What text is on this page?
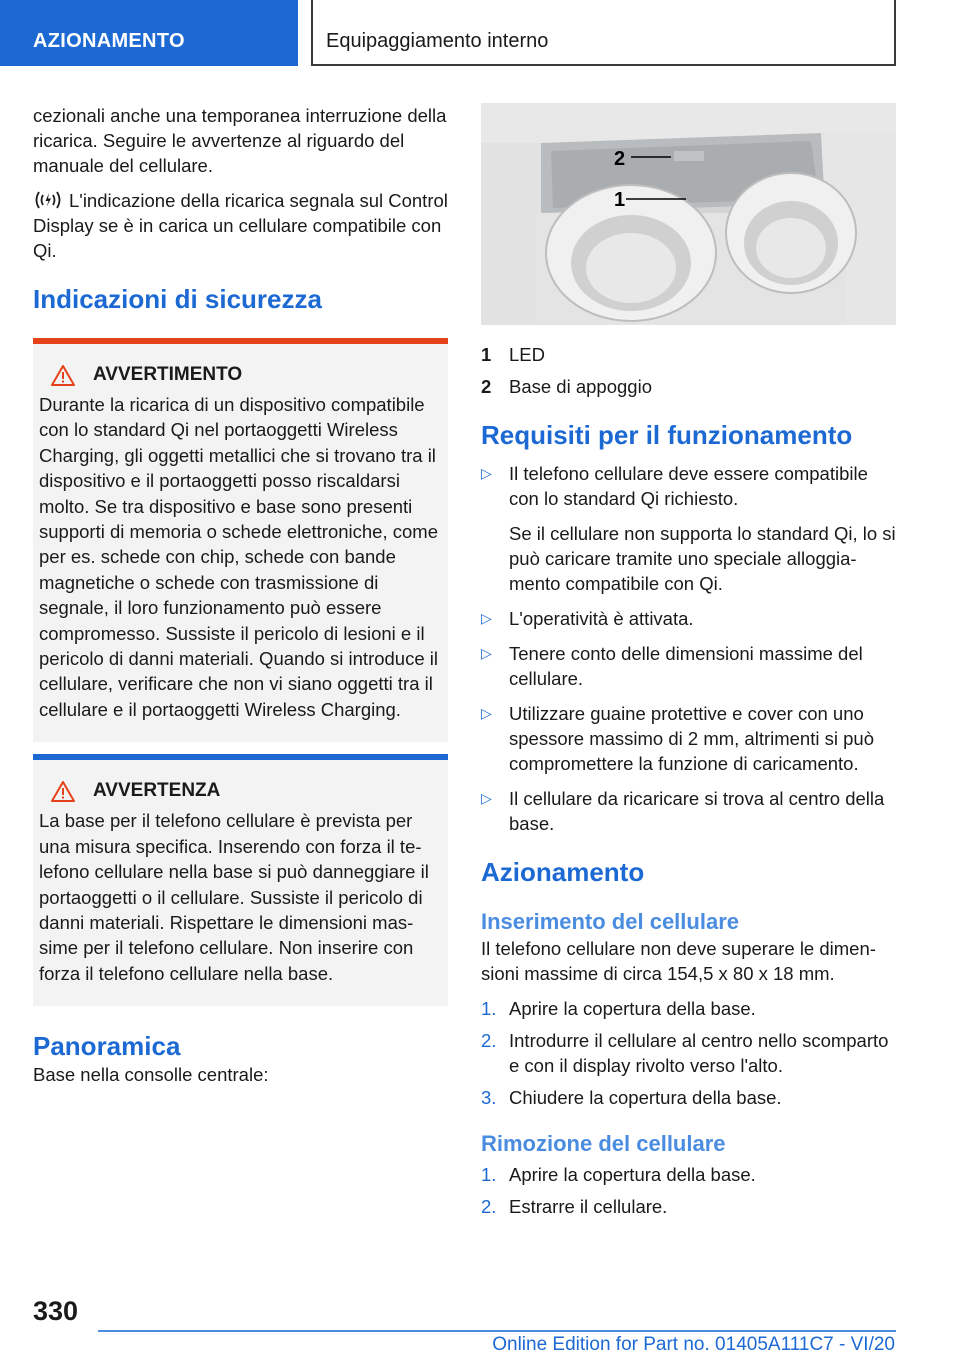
AZIONAMENTO	Equipaggiamento interno

cezionali anche una temporanea interruzione della ricarica. Seguire le avvertenze al riguardo del manuale del cellulare.

L'indicazione della ricarica segnala sul Control Display se è in carica un cellulare compatibile con Qi.

Indicazioni di sicurezza
AVVERTIMENTO
Durante la ricarica di un dispositivo compatibile con lo standard Qi nel portaoggetti Wireless Charging, gli oggetti metallici che si trovano tra il dispositivo e il portaoggetti posso riscaldarsi molto. Se tra dispositivo e base sono presenti supporti di memoria o schede elettroniche, come per es. schede con chip, schede con bande magnetiche o schede con trasmissione di segnale, il loro funzionamento può essere compromesso. Sussiste il pericolo di lesioni e il pericolo di danni materiali. Quando si introduce il cellulare, verificare che non vi siano oggetti tra il cellulare e il portaoggetti Wireless Charging.
AVVERTENZA
La base per il telefono cellulare è prevista per una misura specifica. Inserendo con forza il telefono cellulare nella base si può danneggiare il portaoggetti o il cellulare. Sussiste il pericolo di danni materiali. Rispettare le dimensioni massime per il telefono cellulare. Non inserire con forza il telefono cellulare nella base.
Panoramica

Base nella consolle centrale:

2
1
1 LED
2 Base di appoggio
Requisiti per il funzionamento
▷ Il telefono cellulare deve essere compatibile con lo standard Qi richiesto.
Se il cellulare non supporta lo standard Qi, lo si può caricare tramite uno speciale alloggiamento compatibile con Qi.
▷ L'operatività è attivata.
▷ Tenere conto delle dimensioni massime del cellulare.
▷ Utilizzare guaine protettive e cover con uno spessore massimo di 2 mm, altrimenti si può compromettere la funzione di caricamento.
▷ Il cellulare da ricaricare si trova al centro della base.
Azionamento
Inserimento del cellulare

Il telefono cellulare non deve superare le dimensioni massime di circa 154,5 x 80 x 18 mm.

1. Aprire la copertura della base.
2. Introdurre il cellulare al centro nello scomparto e con il display rivolto verso l'alto.
3. Chiudere la copertura della base.
Rimozione del cellulare
1. Aprire la copertura della base.
2. Estrarre il cellulare.
330
Online Edition for Part no. 01405A111C7 - VI/20
